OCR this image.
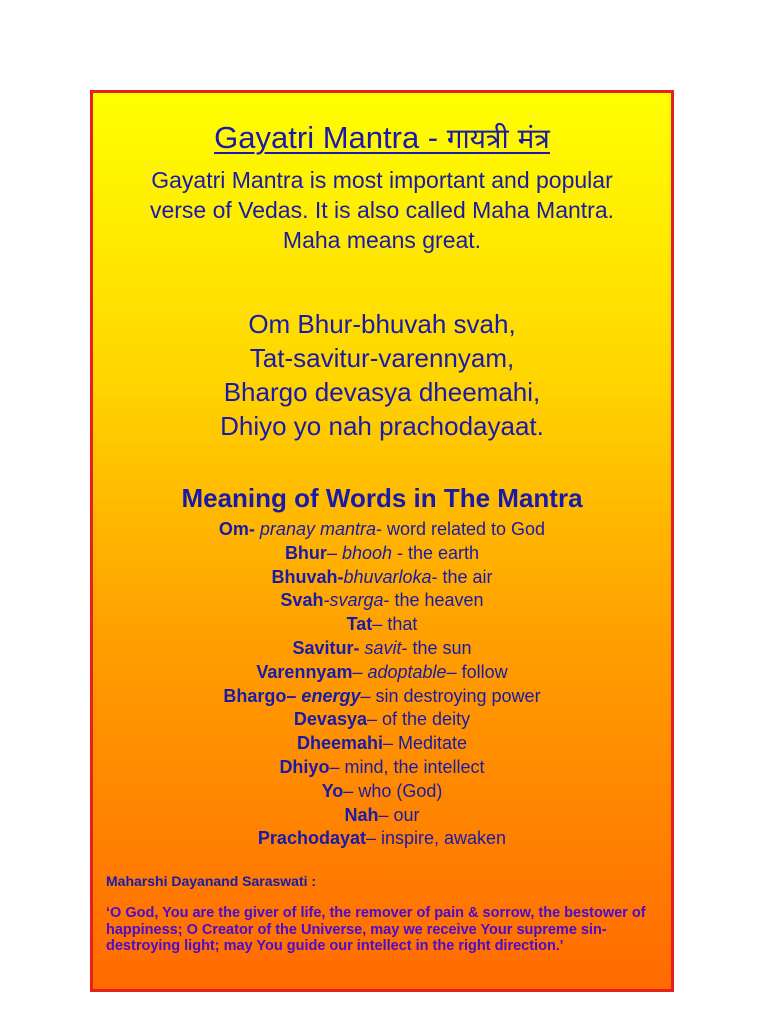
Gayatri Mantra - गायत्री मंत्र
Gayatri Mantra is most important and popular
verse of Vedas. It is also called Maha Mantra.
Maha means great.
Om Bhur-bhuvah svah,
Tat-savitur-varennyam,
Bhargo devasya dheemahi,
Dhiyo yo nah prachodayaat.
Meaning of Words in The Mantra
Om- pranay mantra- word related to God
Bhur– bhooh - the earth
Bhuvah-bhuvarloka- the air
Svah-svarga- the heaven
Tat– that
Savitur- savit- the sun
Varennyam– adoptable– follow
Bhargo– energy– sin destroying power
Devasya– of the deity
Dheemahi– Meditate
Dhiyo– mind, the intellect
Yo– who (God)
Nah– our
Prachodayat– inspire, awaken
Maharshi Dayanand Saraswati :
‘O God, You are the giver of life, the remover of pain & sorrow, the bestower of happiness; O Creator of the Universe, may we receive Your supreme sin-destroying light; may You guide our intellect in the right direction.'
